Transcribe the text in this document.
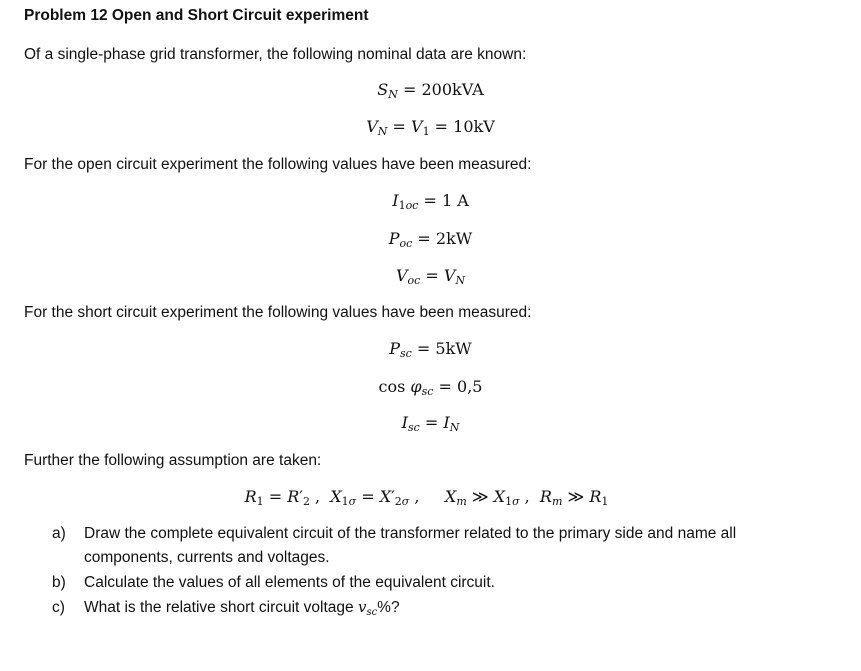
Problem 12 Open and Short Circuit experiment
Of a single-phase grid transformer, the following nominal data are known:
$S_N = 200kVA$
$V_N = V_1 = 10kV$
For the open circuit experiment the following values have been measured:
$I_{1oc} = 1$ A
$P_{oc} = 2kW$
$V_{oc} = V_N$
For the short circuit experiment the following values have been measured:
$P_{sc} = 5kW$
$\cos \varphi_{sc} = 0,5$
$I_{sc} = I_N$
Further the following assumption are taken:
$R_1 = R'_2$ ,  $X_{1\sigma} = X'_{2\sigma}$ ,     $X_m$ ≫ $X_{1\sigma}$ ,  $R_m$ ≫ $R_1$
a) Draw the complete equivalent circuit of the transformer related to the primary side and name all
components, currents and voltages.
b) Calculate the values of all elements of the equivalent circuit.
c) What is the relative short circuit voltage $v_{sc}\%$?
